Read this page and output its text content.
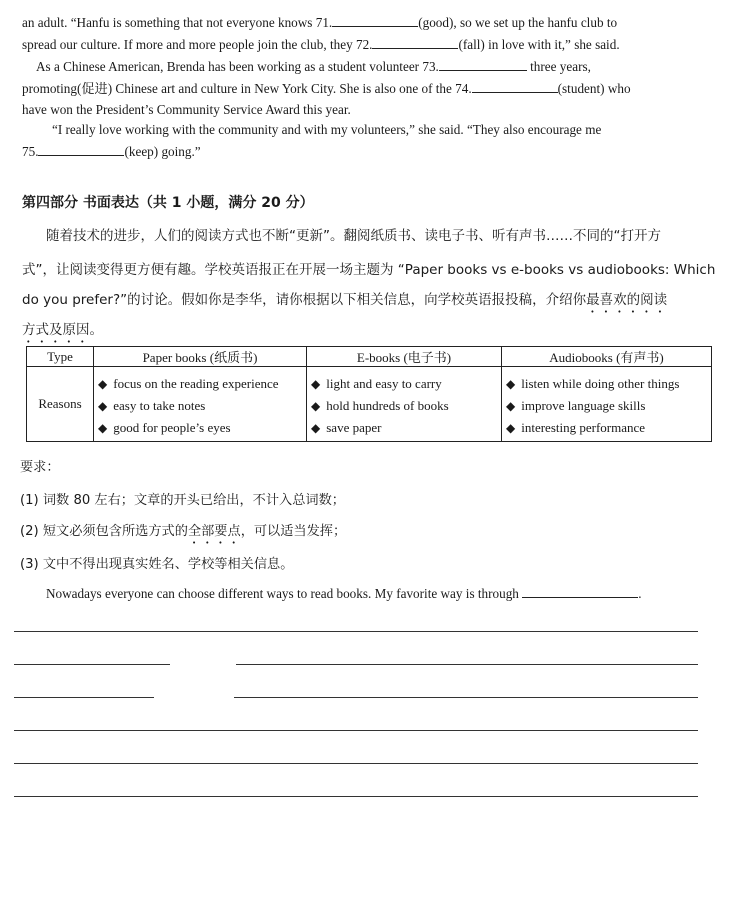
an adult. “Hanfu is something that not everyone knows 71.	(good), so we set up the hanfu club to
spread our culture. If more and more people join the club, they 72.	(fall) in love with it,” she said.
As a Chinese American, Brenda has been working as a student volunteer 73.	three years,
promoting(促进) Chinese art and culture in New York City. She is also one of the 74.	(student) who
have won the President’s Community Service Award this year.
“I really love working with the community and with my volunteers,” she said. “They also encourage me
75.	(keep) going.”
第四部分 书面表达（共 1 小题，满分 20 分）
随着技术的进步，人们的阅读方式也不断“更新”。翻阅纸质书、读电子书、听有声书……不同的“打开方
式”，让阅读变得更方便有趣。学校英语报正在开展一场主题为 “Paper books vs e-books vs audiobooks: Which
do you prefer?”的讨论。假如你是李华，请你根据以下相关信息，向学校英语报投稿，介绍你最喜欢的阅读
方式及原因。
Type	Paper books (纸质书)	E-books (电子书)	Audiobooks (有声书)
Reasons	◆ focus on the reading experience
◆ easy to take notes
◆ good for people’s eyes	◆ light and easy to carry
◆ hold hundreds of books
◆ save paper	◆ listen while doing other things
◆ improve language skills
◆ interesting performance
要求：
(1) 词数 80 左右；文章的开头已给出，不计入总词数；
(2) 短文必须包含所选方式的全部要点，可以适当发挥；
(3) 文中不得出现真实姓名、学校等相关信息。
Nowadays everyone can choose different ways to read books. My favorite way is through	.
